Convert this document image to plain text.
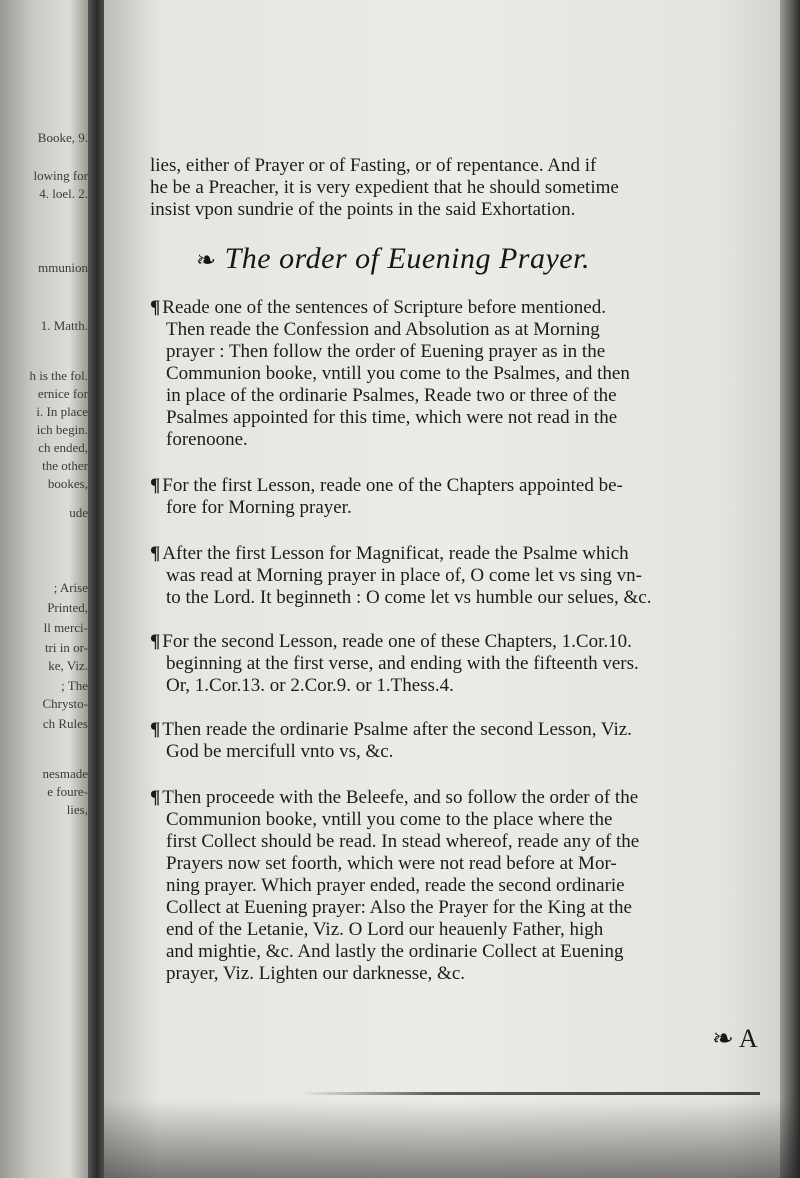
Booke, 9.
lowing for
4. loel. 2.
mmunion
1. Matth.
h is the fol.
ernice for
i. In place
ich begin.
ch ended,
the other
bookes,
ude
; Arise
Printed,
ll merci-
tri in or-
ke, Viz.
; The
Chrysto-
ch Rules
nesmade
e foure-
lies,

lies, either of Prayer or of Fasting, or of repentance. And if

he be a Preacher, it is very expedient that he should sometime

insist vpon sundrie of the points in the said Exhortation.

❧ The order of Euening Prayer.

¶ Reade one of the sentences of Scripture before mentioned.

Then reade the Confession and Absolution as at Morning

prayer : Then follow the order of Euening prayer as in the

Communion booke, vntill you come to the Psalmes, and then

in place of the ordinarie Psalmes, Reade two or three of the

Psalmes appointed for this time, which were not read in the

forenoone.

¶ For the first Lesson, reade one of the Chapters appointed be-

fore for Morning prayer.

¶ After the first Lesson for Magnificat, reade the Psalme which

was read at Morning prayer in place of, O come let vs sing vn-

to the Lord. It beginneth : O come let vs humble our selues, &c.

¶ For the second Lesson, reade one of these Chapters, 1.Cor.10.

beginning at the first verse, and ending with the fifteenth vers.

Or, 1.Cor.13. or 2.Cor.9. or 1.Thess.4.

¶ Then reade the ordinarie Psalme after the second Lesson, Viz.

God be mercifull vnto vs, &c.

¶ Then proceede with the Beleefe, and so follow the order of the

Communion booke, vntill you come to the place where the

first Collect should be read. In stead whereof, reade any of the

Prayers now set foorth, which were not read before at Mor-

ning prayer. Which prayer ended, reade the second ordinarie

Collect at Euening prayer: Also the Prayer for the King at the

end of the Letanie, Viz. O Lord our heauenly Father, high

and mightie, &c. And lastly the ordinarie Collect at Euening

prayer, Viz. Lighten our darknesse, &c.

❧ A
